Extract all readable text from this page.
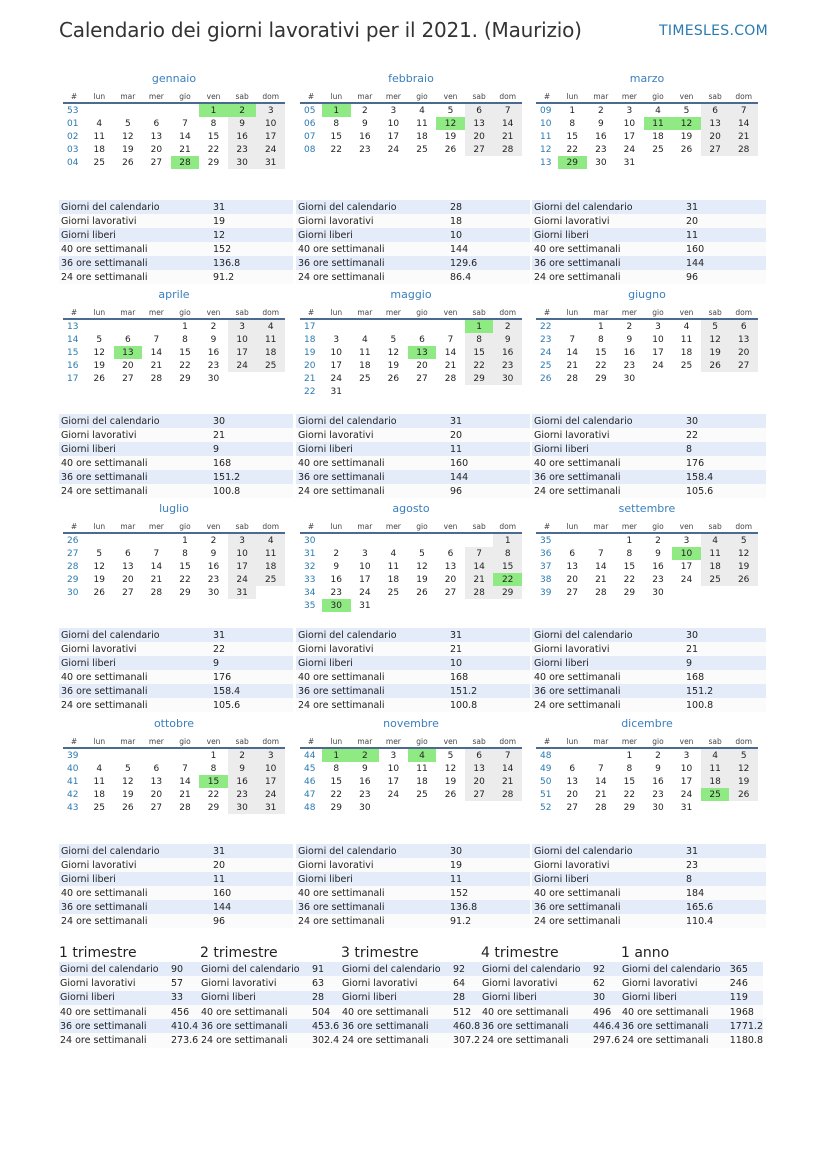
Calendario dei giorni lavorativi per il 2021. (Maurizio)	TIMESLES.COM
gennaio
#	lun	mar	mer	gio	ven	sab	dom
53					1	2	3
01	4	5	6	7	8	9	10
02	11	12	13	14	15	16	17
03	18	19	20	21	22	23	24
04	25	26	27	28	29	30	31
Giorni del calendario	31
Giorni lavorativi	19
Giorni liberi	12
40 ore settimanali	152
36 ore settimanali	136.8
24 ore settimanali	91.2
febbraio
#	lun	mar	mer	gio	ven	sab	dom
05	1	2	3	4	5	6	7
06	8	9	10	11	12	13	14
07	15	16	17	18	19	20	21
08	22	23	24	25	26	27	28
Giorni del calendario	28
Giorni lavorativi	18
Giorni liberi	10
40 ore settimanali	144
36 ore settimanali	129.6
24 ore settimanali	86.4
marzo
#	lun	mar	mer	gio	ven	sab	dom
09	1	2	3	4	5	6	7
10	8	9	10	11	12	13	14
11	15	16	17	18	19	20	21
12	22	23	24	25	26	27	28
13	29	30	31				
Giorni del calendario	31
Giorni lavorativi	20
Giorni liberi	11
40 ore settimanali	160
36 ore settimanali	144
24 ore settimanali	96
aprile
#	lun	mar	mer	gio	ven	sab	dom
13				1	2	3	4
14	5	6	7	8	9	10	11
15	12	13	14	15	16	17	18
16	19	20	21	22	23	24	25
17	26	27	28	29	30		
Giorni del calendario	30
Giorni lavorativi	21
Giorni liberi	9
40 ore settimanali	168
36 ore settimanali	151.2
24 ore settimanali	100.8
maggio
#	lun	mar	mer	gio	ven	sab	dom
17						1	2
18	3	4	5	6	7	8	9
19	10	11	12	13	14	15	16
20	17	18	19	20	21	22	23
21	24	25	26	27	28	29	30
22	31						
Giorni del calendario	31
Giorni lavorativi	20
Giorni liberi	11
40 ore settimanali	160
36 ore settimanali	144
24 ore settimanali	96
giugno
#	lun	mar	mer	gio	ven	sab	dom
22		1	2	3	4	5	6
23	7	8	9	10	11	12	13
24	14	15	16	17	18	19	20
25	21	22	23	24	25	26	27
26	28	29	30				
Giorni del calendario	30
Giorni lavorativi	22
Giorni liberi	8
40 ore settimanali	176
36 ore settimanali	158.4
24 ore settimanali	105.6
luglio
#	lun	mar	mer	gio	ven	sab	dom
26				1	2	3	4
27	5	6	7	8	9	10	11
28	12	13	14	15	16	17	18
29	19	20	21	22	23	24	25
30	26	27	28	29	30	31	
Giorni del calendario	31
Giorni lavorativi	22
Giorni liberi	9
40 ore settimanali	176
36 ore settimanali	158.4
24 ore settimanali	105.6
agosto
#	lun	mar	mer	gio	ven	sab	dom
30							1
31	2	3	4	5	6	7	8
32	9	10	11	12	13	14	15
33	16	17	18	19	20	21	22
34	23	24	25	26	27	28	29
35	30	31					
Giorni del calendario	31
Giorni lavorativi	21
Giorni liberi	10
40 ore settimanali	168
36 ore settimanali	151.2
24 ore settimanali	100.8
settembre
#	lun	mar	mer	gio	ven	sab	dom
35			1	2	3	4	5
36	6	7	8	9	10	11	12
37	13	14	15	16	17	18	19
38	20	21	22	23	24	25	26
39	27	28	29	30			
Giorni del calendario	30
Giorni lavorativi	21
Giorni liberi	9
40 ore settimanali	168
36 ore settimanali	151.2
24 ore settimanali	100.8
ottobre
#	lun	mar	mer	gio	ven	sab	dom
39					1	2	3
40	4	5	6	7	8	9	10
41	11	12	13	14	15	16	17
42	18	19	20	21	22	23	24
43	25	26	27	28	29	30	31
Giorni del calendario	31
Giorni lavorativi	20
Giorni liberi	11
40 ore settimanali	160
36 ore settimanali	144
24 ore settimanali	96
novembre
#	lun	mar	mer	gio	ven	sab	dom
44	1	2	3	4	5	6	7
45	8	9	10	11	12	13	14
46	15	16	17	18	19	20	21
47	22	23	24	25	26	27	28
48	29	30					
Giorni del calendario	30
Giorni lavorativi	19
Giorni liberi	11
40 ore settimanali	152
36 ore settimanali	136.8
24 ore settimanali	91.2
dicembre
#	lun	mar	mer	gio	ven	sab	dom
48			1	2	3	4	5
49	6	7	8	9	10	11	12
50	13	14	15	16	17	18	19
51	20	21	22	23	24	25	26
52	27	28	29	30	31		
Giorni del calendario	31
Giorni lavorativi	23
Giorni liberi	8
40 ore settimanali	184
36 ore settimanali	165.6
24 ore settimanali	110.4
1 trimestre
Giorni del calendario	90
Giorni lavorativi	57
Giorni liberi	33
40 ore settimanali	456
36 ore settimanali	410.4
24 ore settimanali	273.6
2 trimestre
Giorni del calendario	91
Giorni lavorativi	63
Giorni liberi	28
40 ore settimanali	504
36 ore settimanali	453.6
24 ore settimanali	302.4
3 trimestre
Giorni del calendario	92
Giorni lavorativi	64
Giorni liberi	28
40 ore settimanali	512
36 ore settimanali	460.8
24 ore settimanali	307.2
4 trimestre
Giorni del calendario	92
Giorni lavorativi	62
Giorni liberi	30
40 ore settimanali	496
36 ore settimanali	446.4
24 ore settimanali	297.6
1 anno
Giorni del calendario	365
Giorni lavorativi	246
Giorni liberi	119
40 ore settimanali	1968
36 ore settimanali	1771.2
24 ore settimanali	1180.8
